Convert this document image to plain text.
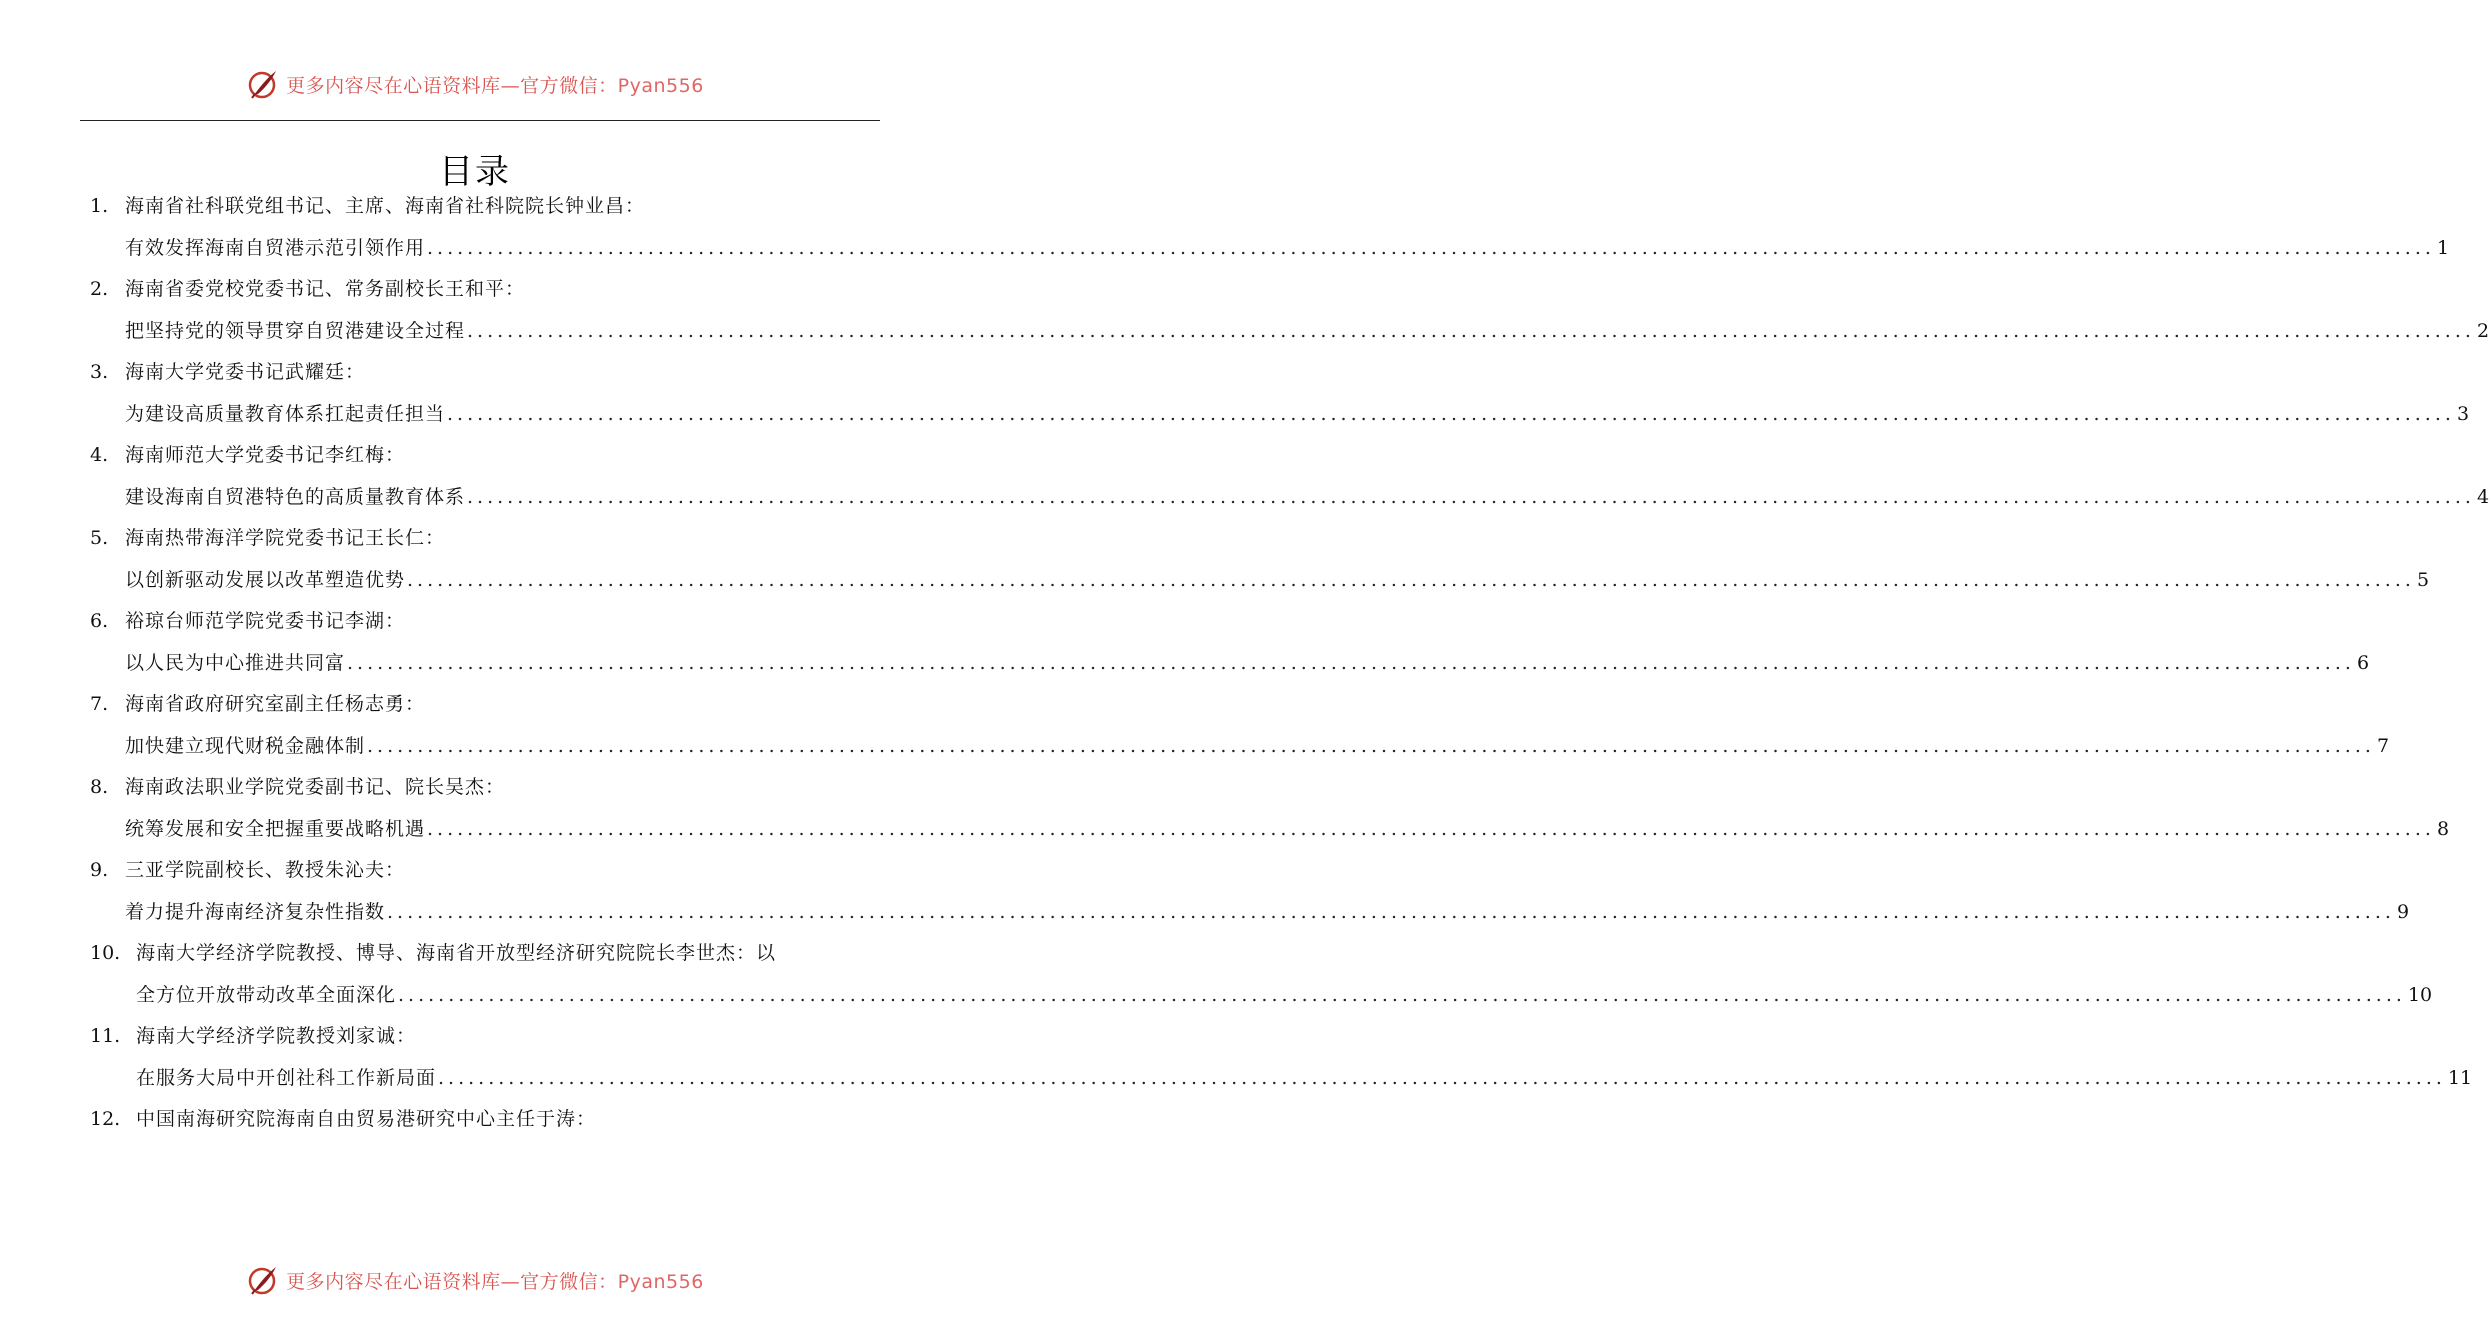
更多内容尽在心语资料库—官方微信：Pyan556
目录
1. 海南省社科联党组书记、主席、海南省社科院院长钟业昌：
有效发挥海南自贸港示范引领作用 ........................................................................................................................................................................................................ 1
2. 海南省委党校党委书记、常务副校长王和平：
把坚持党的领导贯穿自贸港建设全过程 ........................................................................................................................................................................................................ 2
3. 海南大学党委书记武耀廷：
为建设高质量教育体系扛起责任担当 ........................................................................................................................................................................................................ 3
4. 海南师范大学党委书记李红梅：
建设海南自贸港特色的高质量教育体系 ........................................................................................................................................................................................................ 4
5. 海南热带海洋学院党委书记王长仁：
以创新驱动发展以改革塑造优势 ........................................................................................................................................................................................................ 5
6. 裕琼台师范学院党委书记李湖：
以人民为中心推进共同富 ........................................................................................................................................................................................................ 6
7. 海南省政府研究室副主任杨志勇：
加快建立现代财税金融体制 ........................................................................................................................................................................................................ 7
8. 海南政法职业学院党委副书记、院长吴杰：
统筹发展和安全把握重要战略机遇 ........................................................................................................................................................................................................ 8
9. 三亚学院副校长、教授朱沁夫：
着力提升海南经济复杂性指数 ........................................................................................................................................................................................................ 9
10. 海南大学经济学院教授、博导、海南省开放型经济研究院院长李世杰：以
全方位开放带动改革全面深化 ........................................................................................................................................................................................................ 10
11. 海南大学经济学院教授刘家诚：
在服务大局中开创社科工作新局面 ........................................................................................................................................................................................................ 11
12. 中国南海研究院海南自由贸易港研究中心主任于涛：
更多内容尽在心语资料库—官方微信：Pyan556
